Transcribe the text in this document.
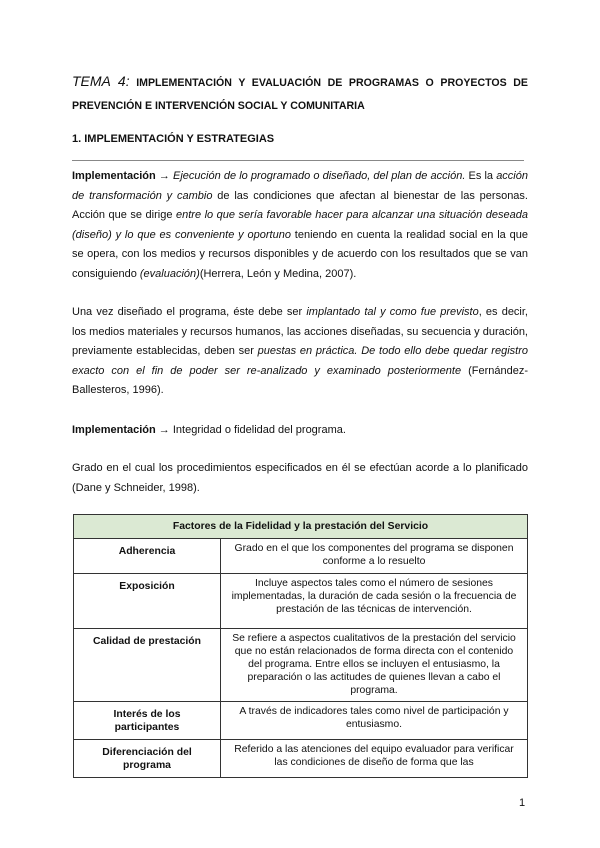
TEMA 4: IMPLEMENTACIÓN Y EVALUACIÓN DE PROGRAMAS O PROYECTOS DE PREVENCIÓN E INTERVENCIÓN SOCIAL Y COMUNITARIA
1. IMPLEMENTACIÓN Y ESTRATEGIAS
Implementación → Ejecución de lo programado o diseñado, del plan de acción. Es la acción de transformación y cambio de las condiciones que afectan al bienestar de las personas. Acción que se dirige entre lo que sería favorable hacer para alcanzar una situación deseada (diseño) y lo que es conveniente y oportuno teniendo en cuenta la realidad social en la que se opera, con los medios y recursos disponibles y de acuerdo con los resultados que se van consiguiendo (evaluación)(Herrera, León y Medina, 2007).
Una vez diseñado el programa, éste debe ser implantado tal y como fue previsto, es decir, los medios materiales y recursos humanos, las acciones diseñadas, su secuencia y duración, previamente establecidas, deben ser puestas en práctica. De todo ello debe quedar registro exacto con el fin de poder ser re-analizado y examinado posteriormente (Fernández-Ballesteros, 1996).
Implementación → Integridad o fidelidad del programa.
Grado en el cual los procedimientos especificados en él se efectúan acorde a lo planificado (Dane y Schneider, 1998).
Factores de la Fidelidad y la prestación del Servicio	
Adherencia	Grado en el que los componentes del programa se disponen conforme a lo resuelto
Exposición	Incluye aspectos tales como el número de sesiones implementadas, la duración de cada sesión o la frecuencia de prestación de las técnicas de intervención.
Calidad de prestación	Se refiere a aspectos cualitativos de la prestación del servicio que no están relacionados de forma directa con el contenido del programa. Entre ellos se incluyen el entusiasmo, la preparación o las actitudes de quienes llevan a cabo el programa.
Interés de los participantes	A través de indicadores tales como nivel de participación y entusiasmo.
Diferenciación del programa	Referido a las atenciones del equipo evaluador para verificar las condiciones de diseño de forma que las
1
